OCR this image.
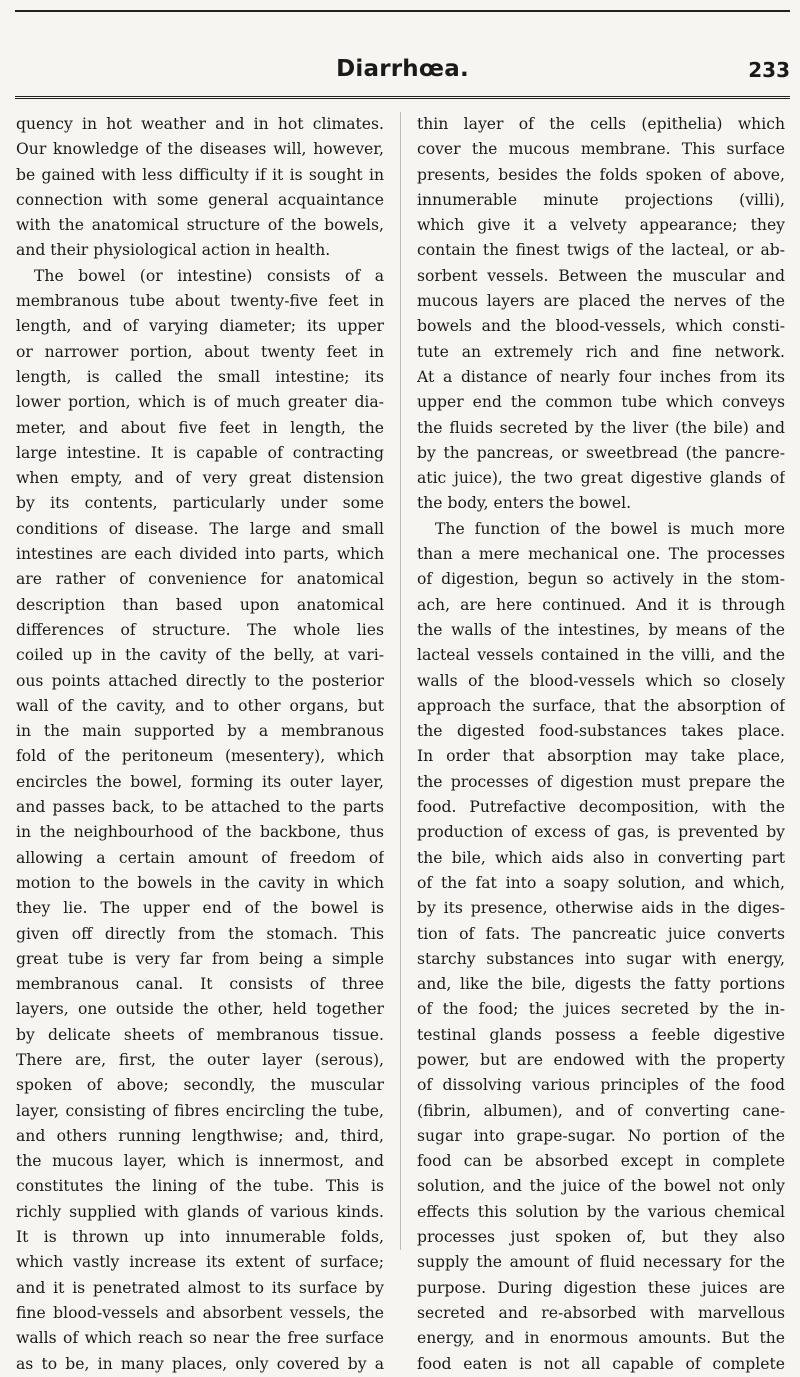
Diarrhœa.	233
quency in hot weather and in hot climates.
Our knowledge of the diseases will, however,
be gained with less difficulty if it is sought in
connection with some general acquaintance
with the anatomical structure of the bowels,
and their physiological action in health.
The bowel (or intestine) consists of a
membranous tube about twenty-five feet in
length, and of varying diameter; its upper
or narrower portion, about twenty feet in
length, is called the small intestine; its
lower portion, which is of much greater dia-
meter, and about five feet in length, the
large intestine. It is capable of contracting
when empty, and of very great distension
by its contents, particularly under some
conditions of disease. The large and small
intestines are each divided into parts, which
are rather of convenience for anatomical
description than based upon anatomical
differences of structure. The whole lies
coiled up in the cavity of the belly, at vari-
ous points attached directly to the posterior
wall of the cavity, and to other organs, but
in the main supported by a membranous
fold of the peritoneum (mesentery), which
encircles the bowel, forming its outer layer,
and passes back, to be attached to the parts
in the neighbourhood of the backbone, thus
allowing a certain amount of freedom of
motion to the bowels in the cavity in which
they lie. The upper end of the bowel is
given off directly from the stomach. This
great tube is very far from being a simple
membranous canal. It consists of three
layers, one outside the other, held together
by delicate sheets of membranous tissue.
There are, first, the outer layer (serous),
spoken of above; secondly, the muscular
layer, consisting of fibres encircling the tube,
and others running lengthwise; and, third,
the mucous layer, which is innermost, and
constitutes the lining of the tube. This is
richly supplied with glands of various kinds.
It is thrown up into innumerable folds,
which vastly increase its extent of surface;
and it is penetrated almost to its surface by
fine blood-vessels and absorbent vessels, the
walls of which reach so near the free surface
as to be, in many places, only covered by a
thin layer of the cells (epithelia) which
cover the mucous membrane. This surface
presents, besides the folds spoken of above,
innumerable minute projections (villi),
which give it a velvety appearance; they
contain the finest twigs of the lacteal, or ab-
sorbent vessels. Between the muscular and
mucous layers are placed the nerves of the
bowels and the blood-vessels, which consti-
tute an extremely rich and fine network.
At a distance of nearly four inches from its
upper end the common tube which conveys
the fluids secreted by the liver (the bile) and
by the pancreas, or sweetbread (the pancre-
atic juice), the two great digestive glands of
the body, enters the bowel.
The function of the bowel is much more
than a mere mechanical one. The processes
of digestion, begun so actively in the stom-
ach, are here continued. And it is through
the walls of the intestines, by means of the
lacteal vessels contained in the villi, and the
walls of the blood-vessels which so closely
approach the surface, that the absorption of
the digested food-substances takes place.
In order that absorption may take place,
the processes of digestion must prepare the
food. Putrefactive decomposition, with the
production of excess of gas, is prevented by
the bile, which aids also in converting part
of the fat into a soapy solution, and which,
by its presence, otherwise aids in the diges-
tion of fats. The pancreatic juice converts
starchy substances into sugar with energy,
and, like the bile, digests the fatty portions
of the food; the juices secreted by the in-
testinal glands possess a feeble digestive
power, but are endowed with the property
of dissolving various principles of the food
(fibrin, albumen), and of converting cane-
sugar into grape-sugar. No portion of the
food can be absorbed except in complete
solution, and the juice of the bowel not only
effects this solution by the various chemical
processes just spoken of, but they also
supply the amount of fluid necessary for the
purpose. During digestion these juices are
secreted and re-absorbed with marvellous
energy, and in enormous amounts. But the
food eaten is not all capable of complete
